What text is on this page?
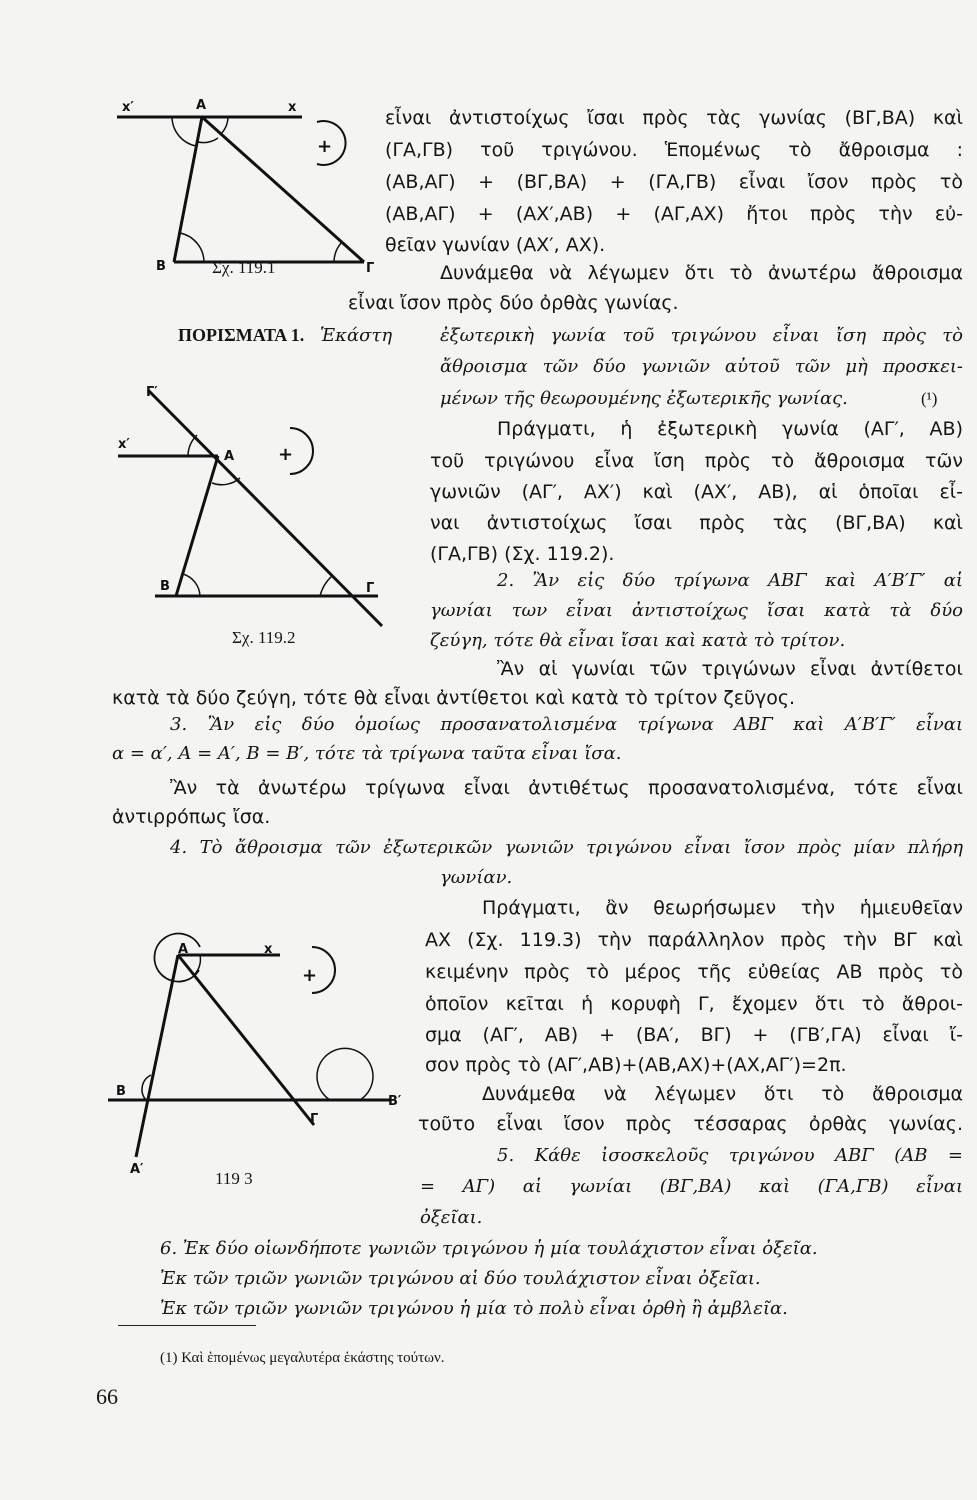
x′	A	x
B	Γ
+
Σχ. 119.1
Γ′
x′
A
B	Γ
+
Σχ. 119.2
A	x
B
B′
Γ
A′
+
119 3
εἶναι ἀντιστοίχως ἴσαι πρὸς τὰς γωνίας (ΒΓ,ΒΑ) καὶ
(ΓΑ,ΓΒ) τοῦ τριγώνου. Ἑπομένως τὸ ἄθροισμα :
(ΑΒ,ΑΓ) + (ΒΓ,ΒΑ) + (ΓΑ,ΓΒ) εἶναι ἴσον πρὸς τὸ
(ΑΒ,ΑΓ) + (ΑΧ′,ΑΒ) + (ΑΓ,ΑΧ) ἤτοι πρὸς τὴν εὐ-
θεῖαν γωνίαν (ΑΧ′, ΑΧ).
Δυνάμεθα νὰ λέγωμεν ὅτι τὸ ἀνωτέρω ἄθροισμα
εἶναι ἴσον πρὸς δύο ὀρθὰς γωνίας.
ΠΟΡΙΣΜΑΤΑ 1. Ἑκάστη	ἐξωτερικὴ γωνία τοῦ τριγώνου εἶναι ἴση πρὸς τὸ
ἄθροισμα τῶν δύο γωνιῶν αὐτοῦ τῶν μὴ προσκει-
μένων τῆς θεωρουμένης ἐξωτερικῆς γωνίας.	(¹)
Πράγματι, ἡ ἐξωτερικὴ γωνία (ΑΓ′, ΑΒ)
τοῦ τριγώνου εἶνα ἴση πρὸς τὸ ἄθροισμα τῶν
γωνιῶν (ΑΓ′, ΑΧ′) καὶ (ΑΧ′, ΑΒ), αἱ ὁποῖαι εἶ-
ναι ἀντιστοίχως ἴσαι πρὸς τὰς (ΒΓ,ΒΑ) καὶ
(ΓΑ,ΓΒ) (Σχ. 119.2).
2. Ἂν εἰς δύο τρίγωνα ΑΒΓ καὶ Α′Β′Γ′ αἱ
γωνίαι των εἶναι ἀντιστοίχως ἴσαι κατὰ τὰ δύο
ζεύγη, τότε θὰ εἶναι ἴσαι καὶ κατὰ τὸ τρίτον.
Ἂν αἱ γωνίαι τῶν τριγώνων εἶναι ἀντίθετοι
κατὰ τὰ δύο ζεύγη, τότε θὰ εἶναι ἀντίθετοι καὶ κατὰ τὸ τρίτον ζεῦγος.
3. Ἂν εἰς δύο ὁμοίως προσανατολισμένα τρίγωνα ΑΒΓ καὶ Α′Β′Γ′ εἶναι
α = α′, Α = Α′, Β = Β′, τότε τὰ τρίγωνα ταῦτα εἶναι ἴσα.
Ἂν τὰ ἀνωτέρω τρίγωνα εἶναι ἀντιθέτως προσανατολισμένα, τότε εἶναι
ἀντιρρόπως ἴσα.
4. Τὸ ἄθροισμα τῶν ἐξωτερικῶν γωνιῶν τριγώνου εἶναι ἴσον πρὸς μίαν πλήρη
γωνίαν.
Πράγματι, ἂν θεωρήσωμεν τὴν ἡμιευθεῖαν
ΑΧ (Σχ. 119.3) τὴν παράλληλον πρὸς τὴν ΒΓ καὶ
κειμένην πρὸς τὸ μέρος τῆς εὐθείας ΑΒ πρὸς τὸ
ὁποῖον κεῖται ἡ κορυφὴ Γ, ἔχομεν ὅτι τὸ ἄθροι-
σμα (ΑΓ′, ΑΒ) + (ΒΑ′, ΒΓ) + (ΓΒ′,ΓΑ) εἶναι ἴ-
σον πρὸς τὸ (ΑΓ′,ΑΒ)+(ΑΒ,ΑΧ)+(ΑΧ,ΑΓ′)=2π.
Δυνάμεθα νὰ λέγωμεν ὅτι τὸ ἄθροισμα
τοῦτο εἶναι ἴσον πρὸς τέσσαρας ὀρθὰς γωνίας.
5. Κάθε ἰσοσκελοῦς τριγώνου ΑΒΓ (ΑΒ =
= ΑΓ) αἱ γωνίαι (ΒΓ,ΒΑ) καὶ (ΓΑ,ΓΒ) εἶναι
ὀξεῖαι.
6. Ἐκ δύο οἱωνδήποτε γωνιῶν τριγώνου ἡ μία τουλάχιστον εἶναι ὀξεῖα.
Ἐκ τῶν τριῶν γωνιῶν τριγώνου αἱ δύο τουλάχιστον εἶναι ὀξεῖαι.
Ἐκ τῶν τριῶν γωνιῶν τριγώνου ἡ μία τὸ πολὺ εἶναι ὀρθὴ ἢ ἀμβλεῖα.
(1) Καὶ ἑπομένως μεγαλυτέρα ἑκάστης τούτων.
66
